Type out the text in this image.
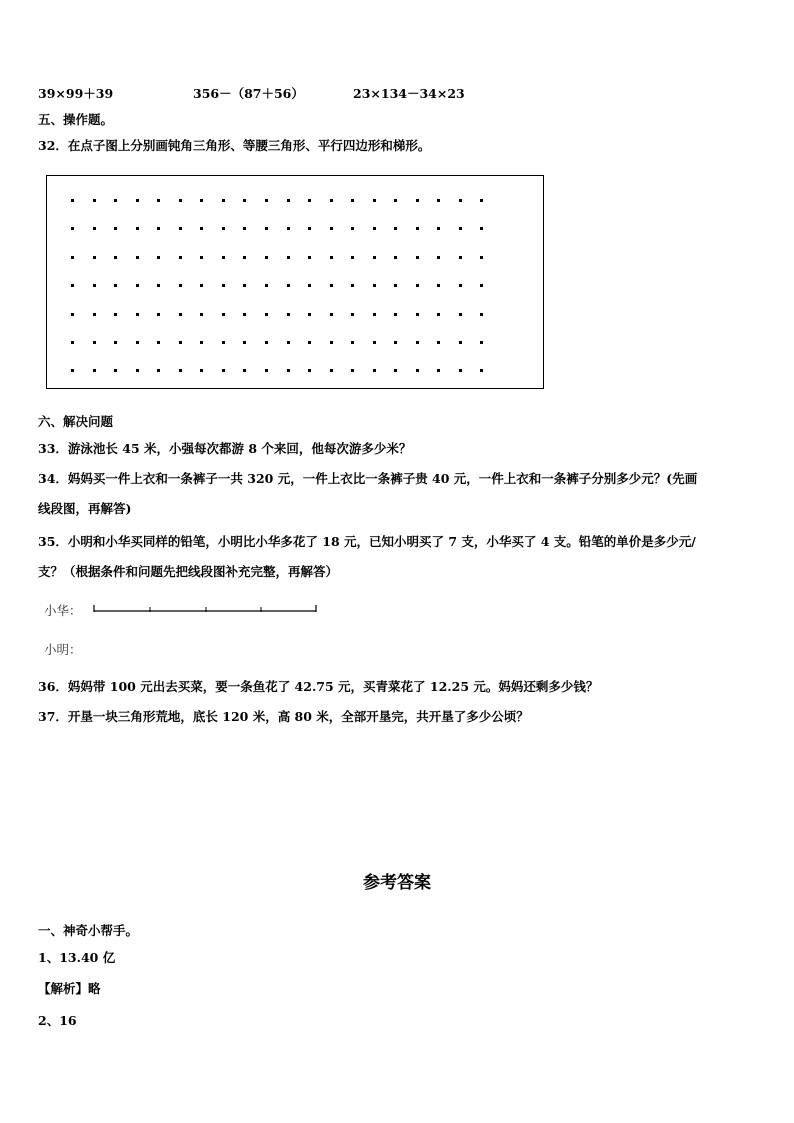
39×99＋39	356－（87＋56）	23×134－34×23
五、操作题。
32．在点子图上分别画钝角三角形、等腰三角形、平行四边形和梯形。
六、解决问题
33．游泳池长 45 米，小强每次都游 8 个来回，他每次游多少米？
34．妈妈买一件上衣和一条裤子一共 320 元，一件上衣比一条裤子贵 40 元，一件上衣和一条裤子分别多少元？(先画
线段图，再解答)
35．小明和小华买同样的铅笔，小明比小华多花了 18 元，已知小明买了 7 支，小华买了 4 支。铅笔的单价是多少元/
支？（根据条件和问题先把线段图补充完整，再解答）
小华：
小明：
36．妈妈带 100 元出去买菜，要一条鱼花了 42.75 元，买青菜花了 12.25 元。妈妈还剩多少钱？
37．开垦一块三角形荒地，底长 120 米，高 80 米，全部开垦完，共开垦了多少公顷？
参考答案
一、神奇小帮手。
1、13.40 亿
【解析】略
2、16
